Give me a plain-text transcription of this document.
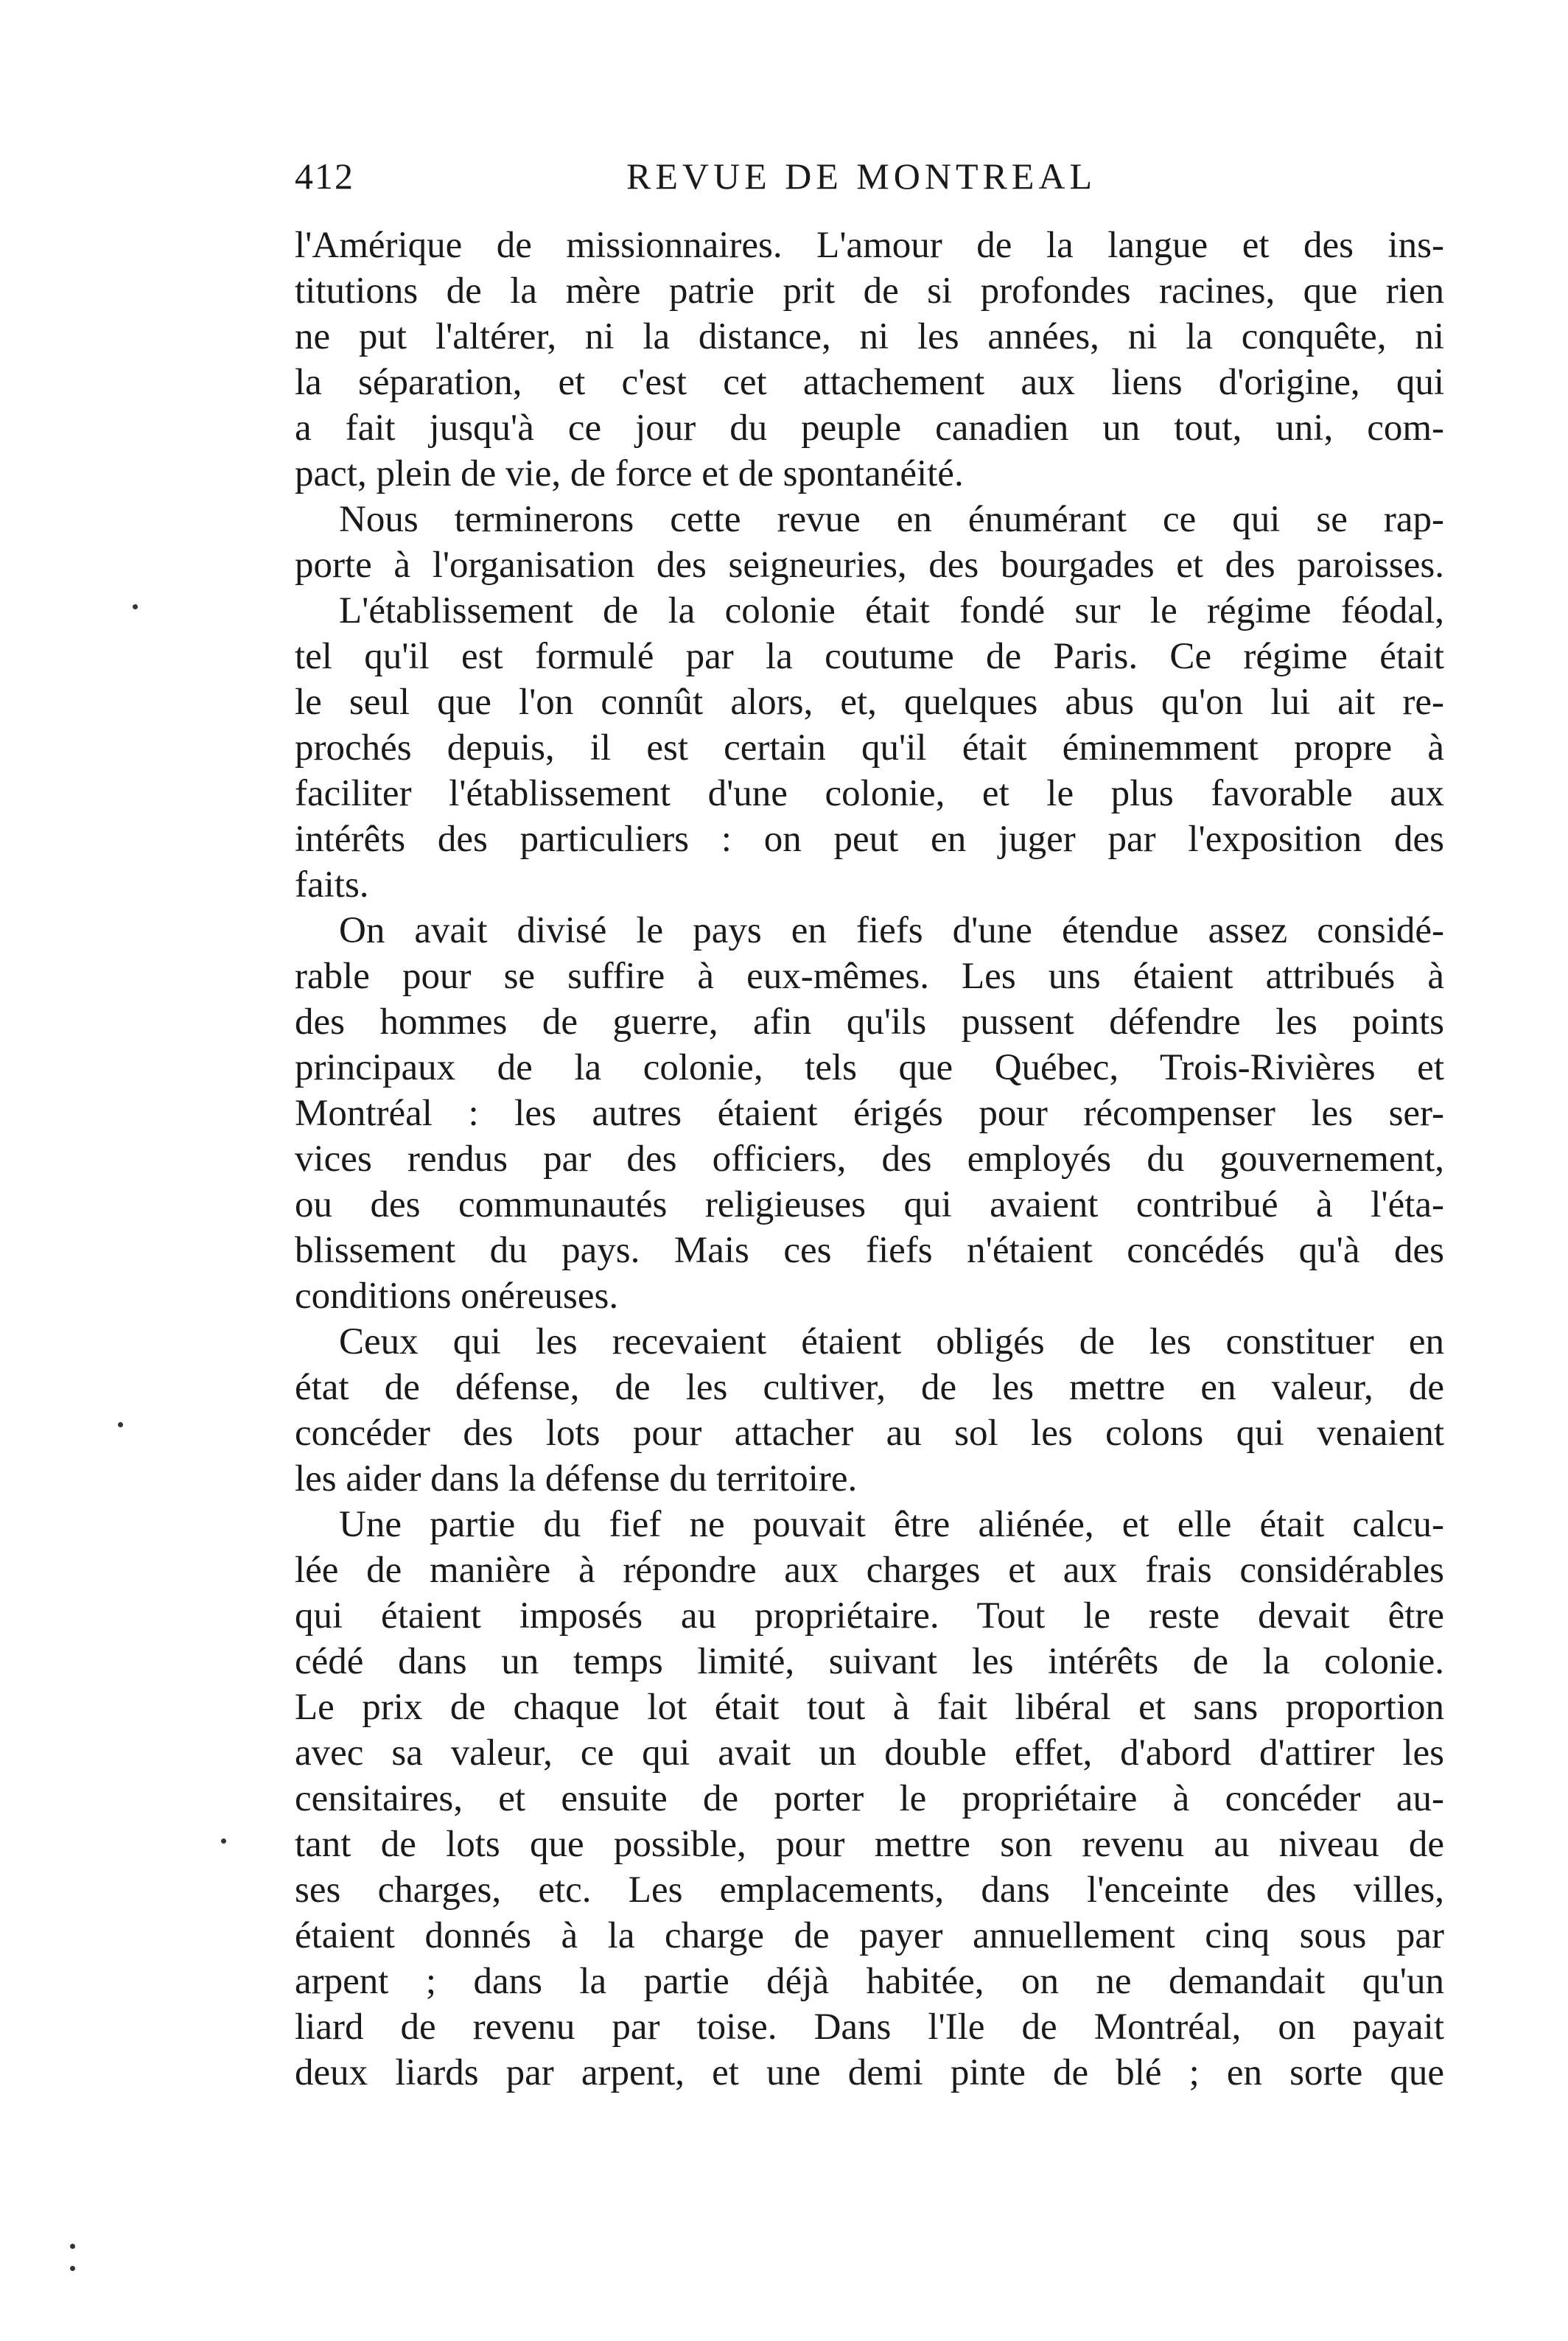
412	REVUE DE MONTREAL
l'Amérique de missionnaires. L'amour de la langue et des ins-
titutions de la mère patrie prit de si profondes racines, que rien
ne put l'altérer, ni la distance, ni les années, ni la conquête, ni
la séparation, et c'est cet attachement aux liens d'origine, qui
a fait jusqu'à ce jour du peuple canadien un tout, uni, com-
pact, plein de vie, de force et de spontanéité.
Nous terminerons cette revue en énumérant ce qui se rap-
porte à l'organisation des seigneuries, des bourgades et des paroisses.
L'établissement de la colonie était fondé sur le régime féodal,
tel qu'il est formulé par la coutume de Paris. Ce régime était
le seul que l'on connût alors, et, quelques abus qu'on lui ait re-
prochés depuis, il est certain qu'il était éminemment propre à
faciliter l'établissement d'une colonie, et le plus favorable aux
intérêts des particuliers : on peut en juger par l'exposition des
faits.
On avait divisé le pays en fiefs d'une étendue assez considé-
rable pour se suffire à eux-mêmes. Les uns étaient attribués à
des hommes de guerre, afin qu'ils pussent défendre les points
principaux de la colonie, tels que Québec, Trois-Rivières et
Montréal : les autres étaient érigés pour récompenser les ser-
vices rendus par des officiers, des employés du gouvernement,
ou des communautés religieuses qui avaient contribué à l'éta-
blissement du pays. Mais ces fiefs n'étaient concédés qu'à des
conditions onéreuses.
Ceux qui les recevaient étaient obligés de les constituer en
état de défense, de les cultiver, de les mettre en valeur, de
concéder des lots pour attacher au sol les colons qui venaient
les aider dans la défense du territoire.
Une partie du fief ne pouvait être aliénée, et elle était calcu-
lée de manière à répondre aux charges et aux frais considérables
qui étaient imposés au propriétaire. Tout le reste devait être
cédé dans un temps limité, suivant les intérêts de la colonie.
Le prix de chaque lot était tout à fait libéral et sans proportion
avec sa valeur, ce qui avait un double effet, d'abord d'attirer les
censitaires, et ensuite de porter le propriétaire à concéder au-
tant de lots que possible, pour mettre son revenu au niveau de
ses charges, etc. Les emplacements, dans l'enceinte des villes,
étaient donnés à la charge de payer annuellement cinq sous par
arpent ; dans la partie déjà habitée, on ne demandait qu'un
liard de revenu par toise. Dans l'Ile de Montréal, on payait
deux liards par arpent, et une demi pinte de blé ; en sorte que
